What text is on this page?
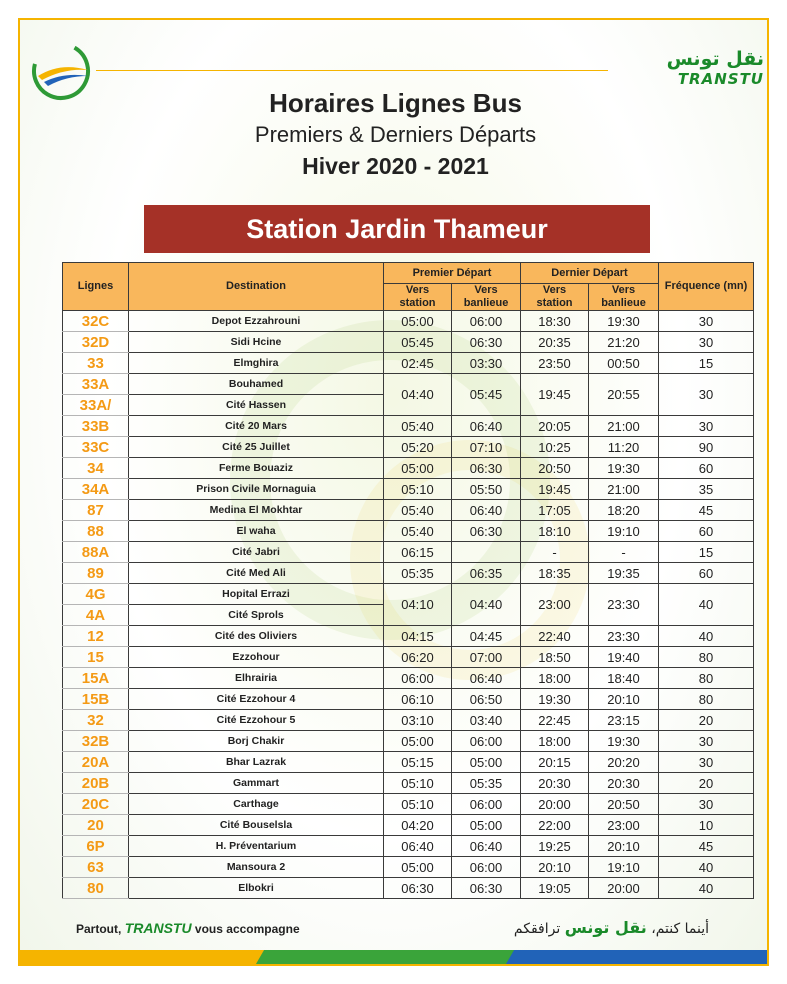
نقل تونس
TRANSTU
Horaires Lignes Bus
Premiers & Derniers Départs
Hiver 2020 - 2021
Station Jardin Thameur
Lignes	Destination	Premier Départ		Dernier Départ		Fréquence (mn)
		Vers station	Vers banlieue	Vers station	Vers banlieue	
32C	Depot Ezzahrouni	05:00	06:00	18:30	19:30	30
32D	Sidi Hcine	05:45	06:30	20:35	21:20	30
33	Elmghira	02:45	03:30	23:50	00:50	15
33A	Bouhamed	04:40	05:45	19:45	20:55	30
33A/	Cité Hassen					
33B	Cité 20 Mars	05:40	06:40	20:05	21:00	30
33C	Cité 25 Juillet	05:20	07:10	10:25	11:20	90
34	Ferme Bouaziz	05:00	06:30	20:50	19:30	60
34A	Prison Civile Mornaguia	05:10	05:50	19:45	21:00	35
87	Medina El Mokhtar	05:40	06:40	17:05	18:20	45
88	El waha	05:40	06:30	18:10	19:10	60
88A	Cité Jabri	06:15		-	-	15
89	Cité Med Ali	05:35	06:35	18:35	19:35	60
4G	Hopital Errazi	04:10	04:40	23:00	23:30	40
4A	Cité Sprols					
12	Cité des Oliviers	04:15	04:45	22:40	23:30	40
15	Ezzohour	06:20	07:00	18:50	19:40	80
15A	Elhrairia	06:00	06:40	18:00	18:40	80
15B	Cité Ezzohour 4	06:10	06:50	19:30	20:10	80
32	Cité Ezzohour 5	03:10	03:40	22:45	23:15	20
32B	Borj Chakir	05:00	06:00	18:00	19:30	30
20A	Bhar Lazrak	05:15	05:00	20:15	20:20	30
20B	Gammart	05:10	05:35	20:30	20:30	20
20C	Carthage	05:10	06:00	20:00	20:50	30
20	Cité Bouselsla	04:20	05:00	22:00	23:00	10
6P	H. Préventarium	06:40	06:40	19:25	20:10	45
63	Mansoura 2	05:00	06:00	20:10	19:10	40
80	Elbokri	06:30	06:30	19:05	20:00	40
Partout, TRANSTU vous accompagne	أينما كنتم، نقل تونس ترافقكم
